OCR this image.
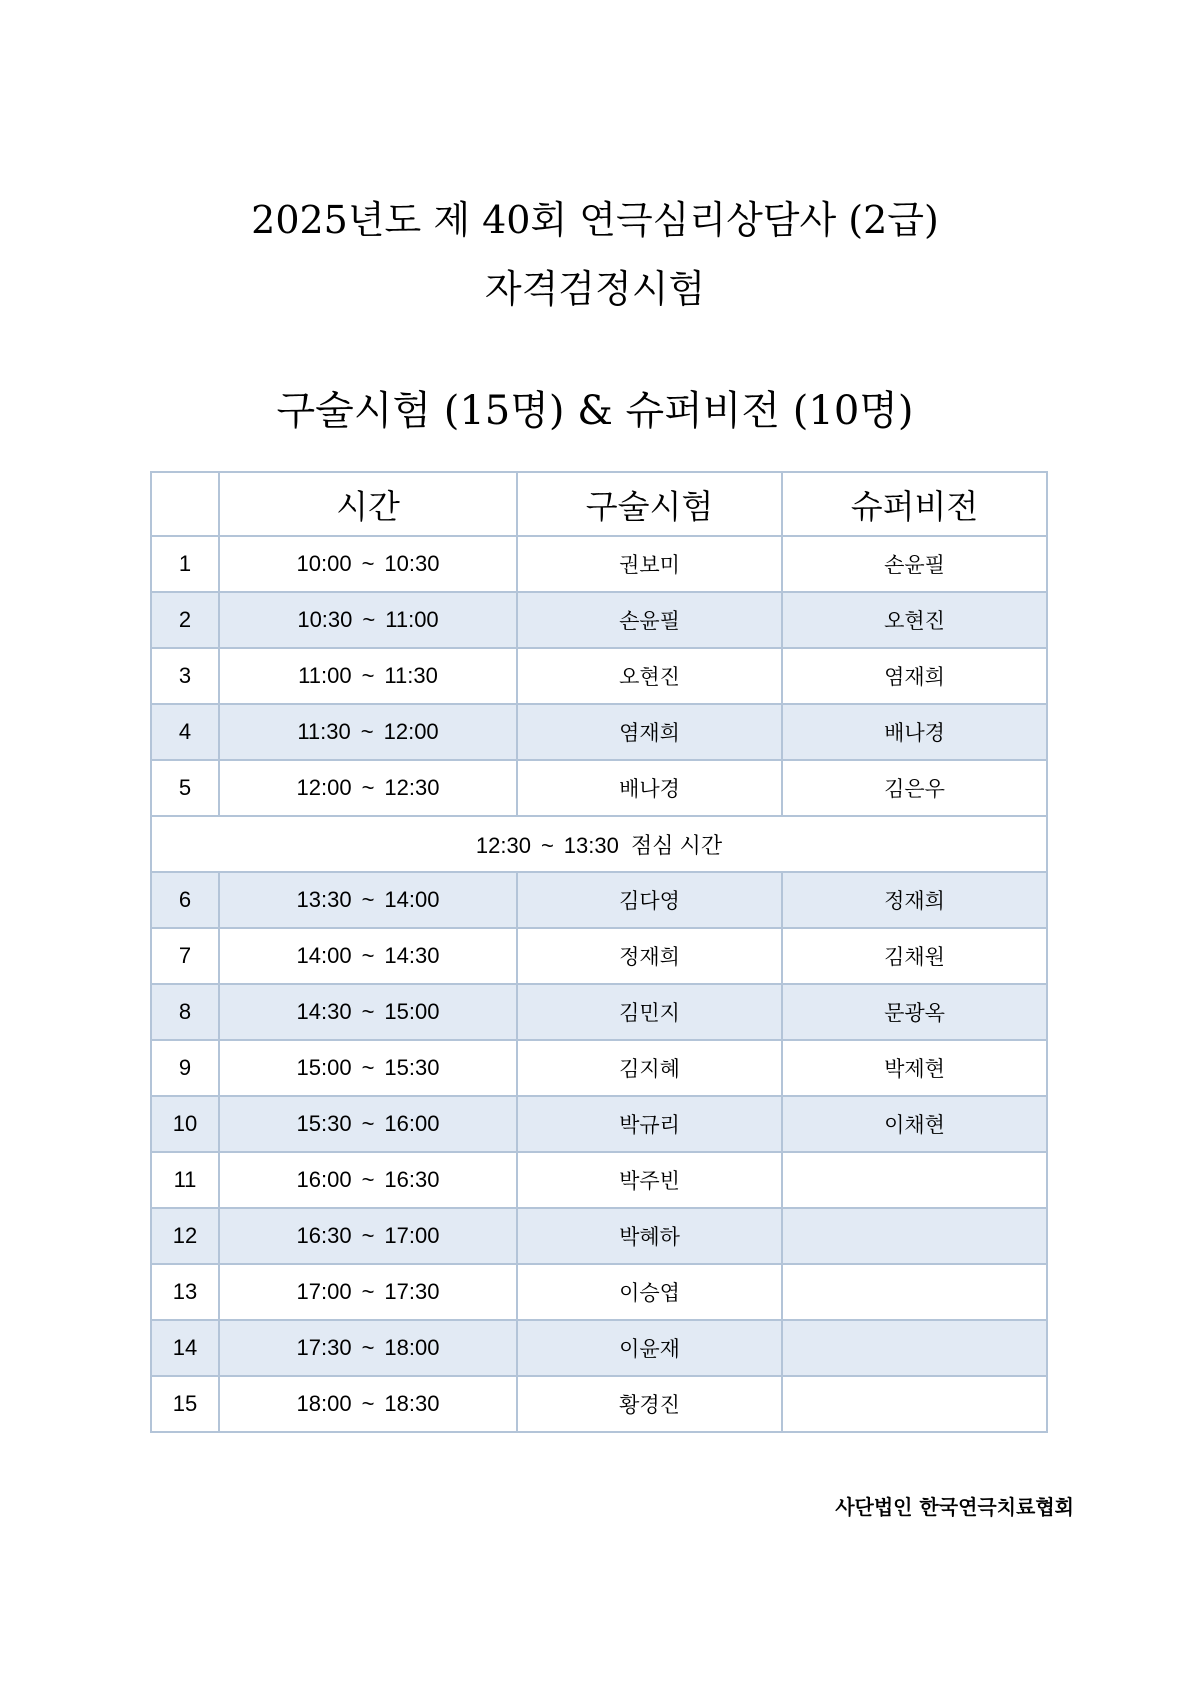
2025년도 제 40회 연극심리상담사 (2급)
자격검정시험
구술시험 (15명) & 슈퍼비전 (10명)
	시간	구술시험	슈퍼비전
1	10:00 ~ 10:30	권보미	손윤필
2	10:30 ~ 11:00	손윤필	오현진
3	11:00 ~ 11:30	오현진	염재희
4	11:30 ~ 12:00	염재희	배나경
5	12:00 ~ 12:30	배나경	김은우
12:30 ~ 13:30 점심 시간			
6	13:30 ~ 14:00	김다영	정재희
7	14:00 ~ 14:30	정재희	김채원
8	14:30 ~ 15:00	김민지	문광옥
9	15:00 ~ 15:30	김지혜	박제현
10	15:30 ~ 16:00	박규리	이채현
11	16:00 ~ 16:30	박주빈	
12	16:30 ~ 17:00	박혜하	
13	17:00 ~ 17:30	이승엽	
14	17:30 ~ 18:00	이윤재	
15	18:00 ~ 18:30	황경진	
사단법인 한국연극치료협회
